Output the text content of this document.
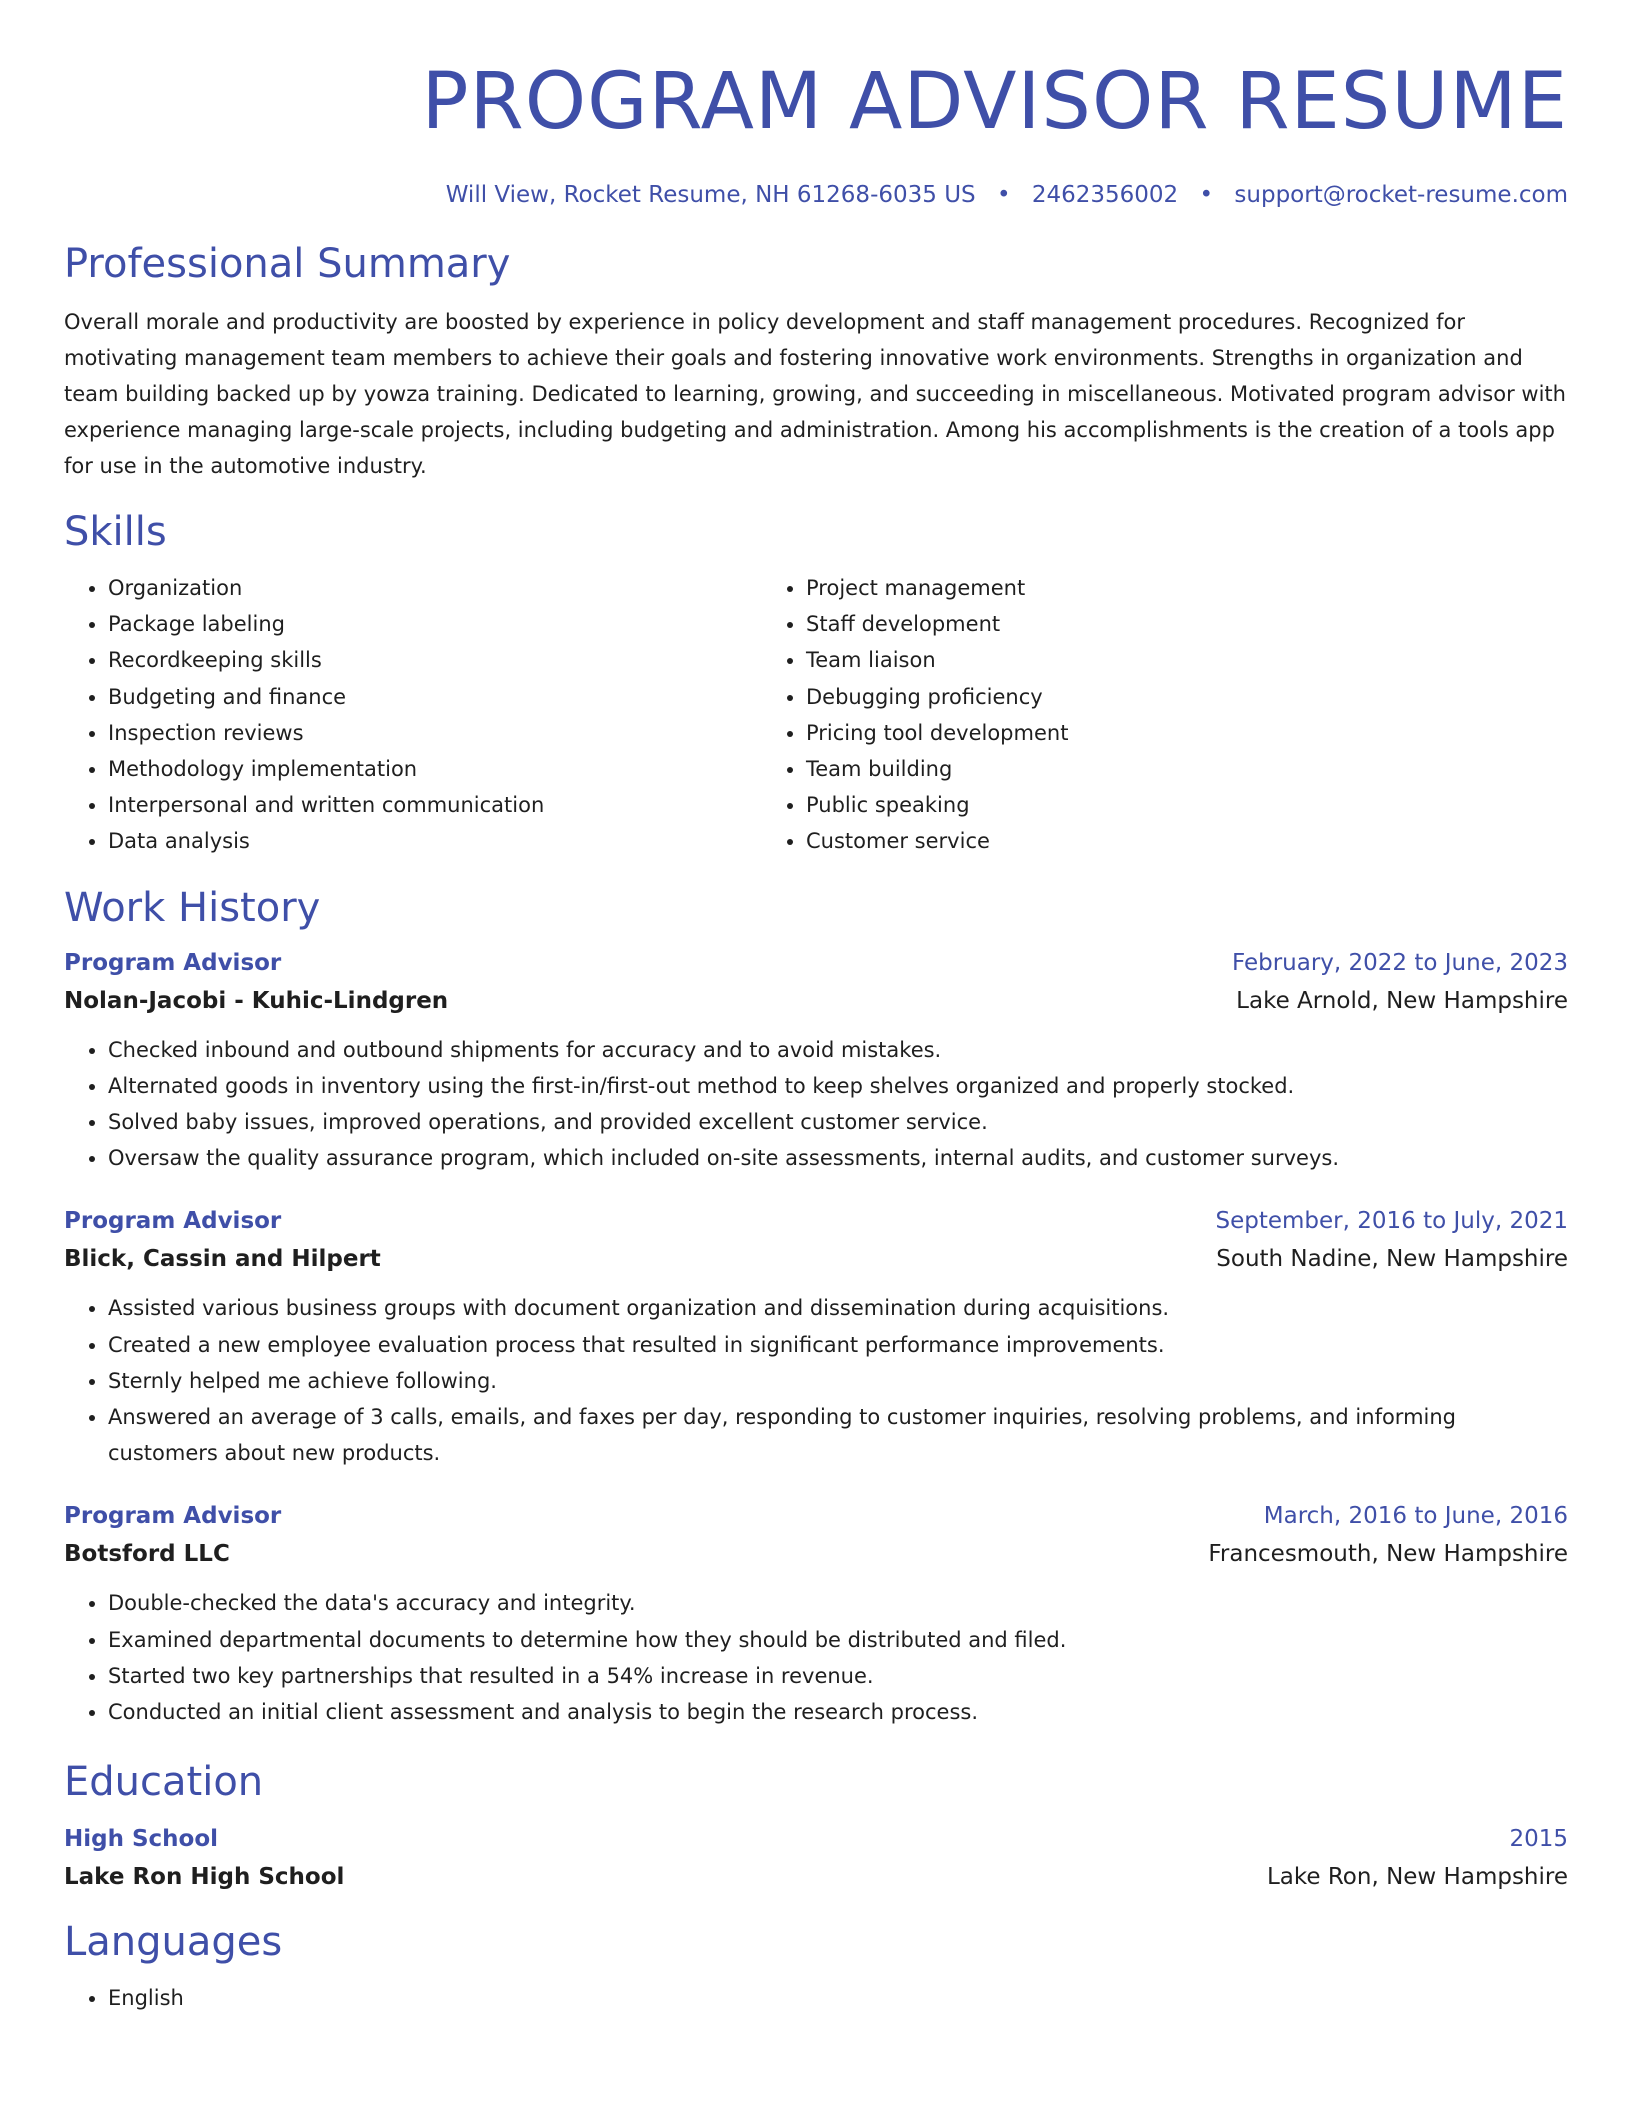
PROGRAM ADVISOR RESUME
Will View, Rocket Resume, NH 61268-6035 US • 2462356002 • support@rocket-resume.com
Professional Summary
Overall morale and productivity are boosted by experience in policy development and staff management procedures. Recognized for motivating management team members to achieve their goals and fostering innovative work environments. Strengths in organization and team building backed up by yowza training. Dedicated to learning, growing, and succeeding in miscellaneous. Motivated program advisor with experience managing large-scale projects, including budgeting and administration. Among his accomplishments is the creation of a tools app for use in the automotive industry.
Skills
• Organization
• Package labeling
• Recordkeeping skills
• Budgeting and finance
• Inspection reviews
• Methodology implementation
• Interpersonal and written communication
• Data analysis
• Project management
• Staff development
• Team liaison
• Debugging proficiency
• Pricing tool development
• Team building
• Public speaking
• Customer service
Work History
Program Advisor	February, 2022 to June, 2023
Nolan-Jacobi - Kuhic-Lindgren	Lake Arnold, New Hampshire
• Checked inbound and outbound shipments for accuracy and to avoid mistakes.
• Alternated goods in inventory using the first-in/first-out method to keep shelves organized and properly stocked.
• Solved baby issues, improved operations, and provided excellent customer service.
• Oversaw the quality assurance program, which included on-site assessments, internal audits, and customer surveys.
Program Advisor	September, 2016 to July, 2021
Blick, Cassin and Hilpert	South Nadine, New Hampshire
• Assisted various business groups with document organization and dissemination during acquisitions.
• Created a new employee evaluation process that resulted in significant performance improvements.
• Sternly helped me achieve following.
• Answered an average of 3 calls, emails, and faxes per day, responding to customer inquiries, resolving problems, and informing customers about new products.
Program Advisor	March, 2016 to June, 2016
Botsford LLC	Francesmouth, New Hampshire
• Double-checked the data's accuracy and integrity.
• Examined departmental documents to determine how they should be distributed and filed.
• Started two key partnerships that resulted in a 54% increase in revenue.
• Conducted an initial client assessment and analysis to begin the research process.
Education
High School	2015
Lake Ron High School	Lake Ron, New Hampshire
Languages
• English
